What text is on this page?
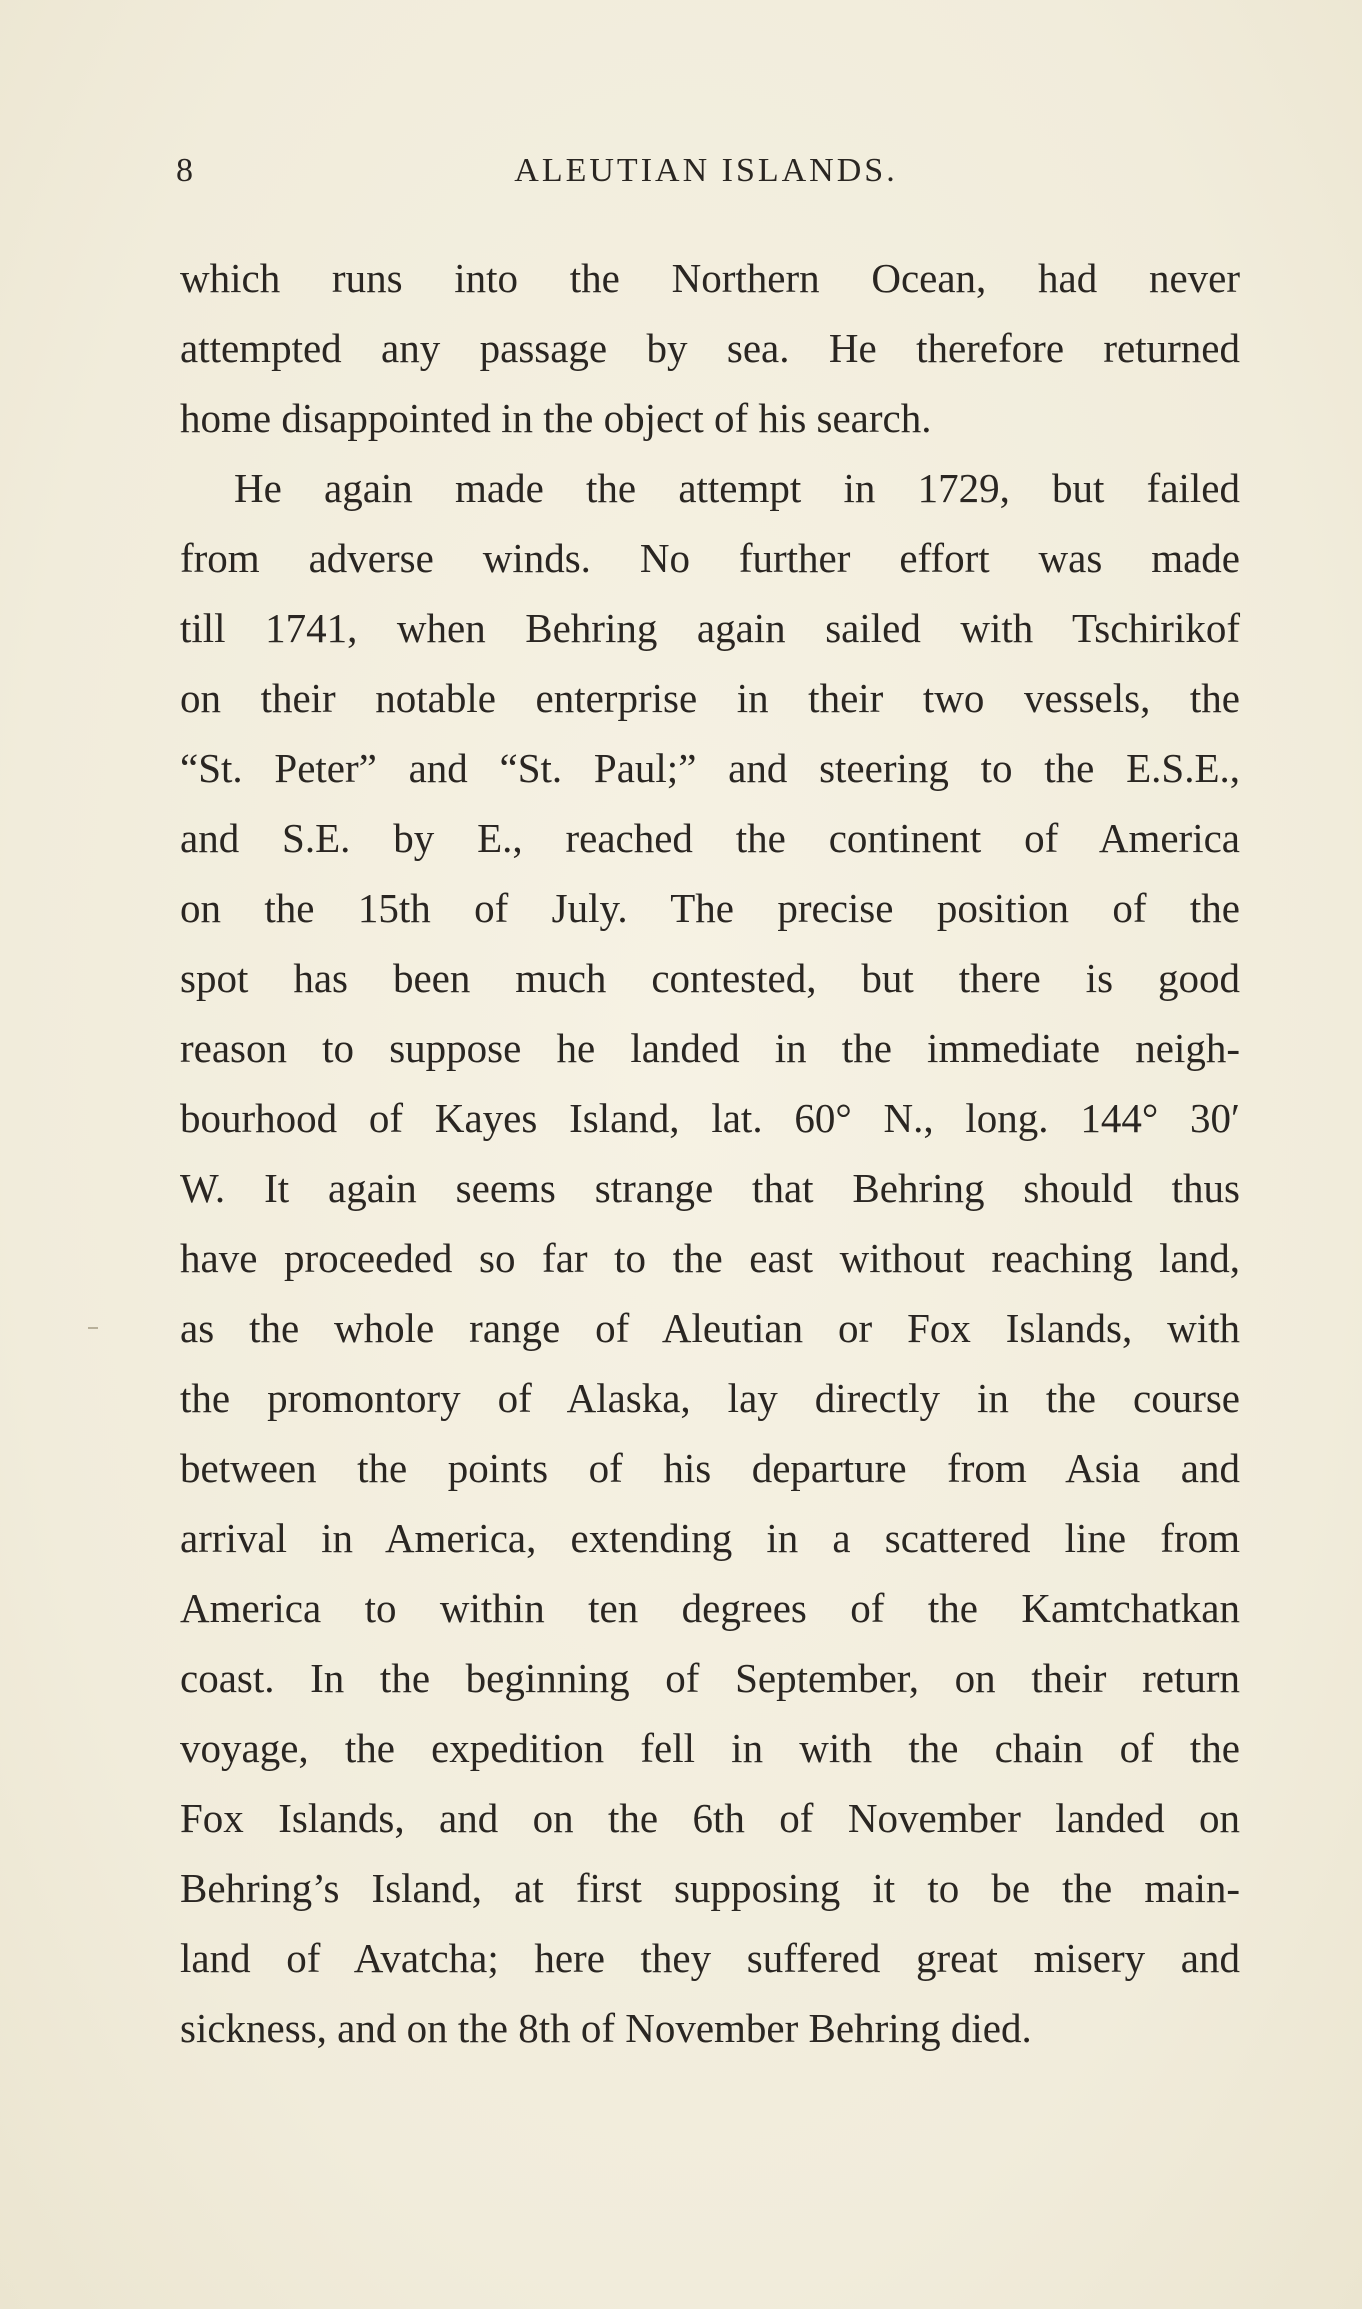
8	ALEUTIAN ISLANDS.
which runs into the Northern Ocean, had never
attempted any passage by sea. He therefore returned
home disappointed in the object of his search.
He again made the attempt in 1729, but failed
from adverse winds. No further effort was made
till 1741, when Behring again sailed with Tschirikof
on their notable enterprise in their two vessels, the
“St. Peter” and “St. Paul;” and steering to the E.S.E.,
and S.E. by E., reached the continent of America
on the 15th of July. The precise position of the
spot has been much contested, but there is good
reason to suppose he landed in the immediate neigh-
bourhood of Kayes Island, lat. 60° N., long. 144° 30′
W. It again seems strange that Behring should thus
have proceeded so far to the east without reaching land,
as the whole range of Aleutian or Fox Islands, with
the promontory of Alaska, lay directly in the course
between the points of his departure from Asia and
arrival in America, extending in a scattered line from
America to within ten degrees of the Kamtchatkan
coast. In the beginning of September, on their return
voyage, the expedition fell in with the chain of the
Fox Islands, and on the 6th of November landed on
Behring’s Island, at first supposing it to be the main-
land of Avatcha; here they suffered great misery and
sickness, and on the 8th of November Behring died.
